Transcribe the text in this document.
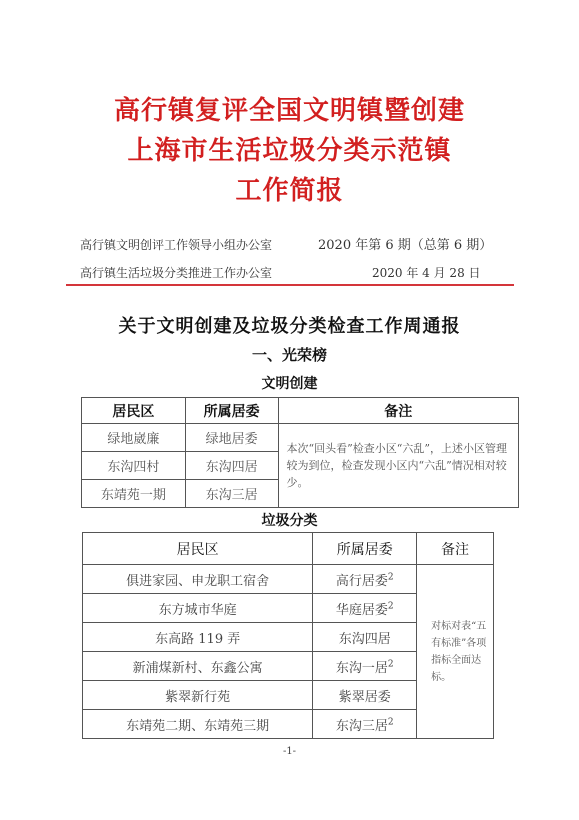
高行镇复评全国文明镇暨创建
上海市生活垃圾分类示范镇
工作简报
高行镇文明创评工作领导小组办公室	2020 年第 6 期（总第 6 期）
高行镇生活垃圾分类推进工作办公室	2020 年 4 月 28 日
关于文明创建及垃圾分类检查工作周通报
一、光荣榜
文明创建
居民区	所属居委	备注
绿地崴廉	绿地居委	本次“回头看”检查小区“六乱”，上述小区管理较为到位，检查发现小区内“六乱”情况相对较少。
东沟四村	东沟四居	
东靖苑一期	东沟三居	
垃圾分类
居民区	所属居委	备注
俱进家园、申龙职工宿舍	高行居委$^2$	对标对表“五有标准”各项指标全面达标。
东方城市华庭	华庭居委$^2$
东高路 119 弄	东沟四居	
新浦煤新村、东鑫公寓	东沟一居$^2$
紫翠新行苑	紫翠居委	
东靖苑二期、东靖苑三期	东沟三居$^2$
-1-
